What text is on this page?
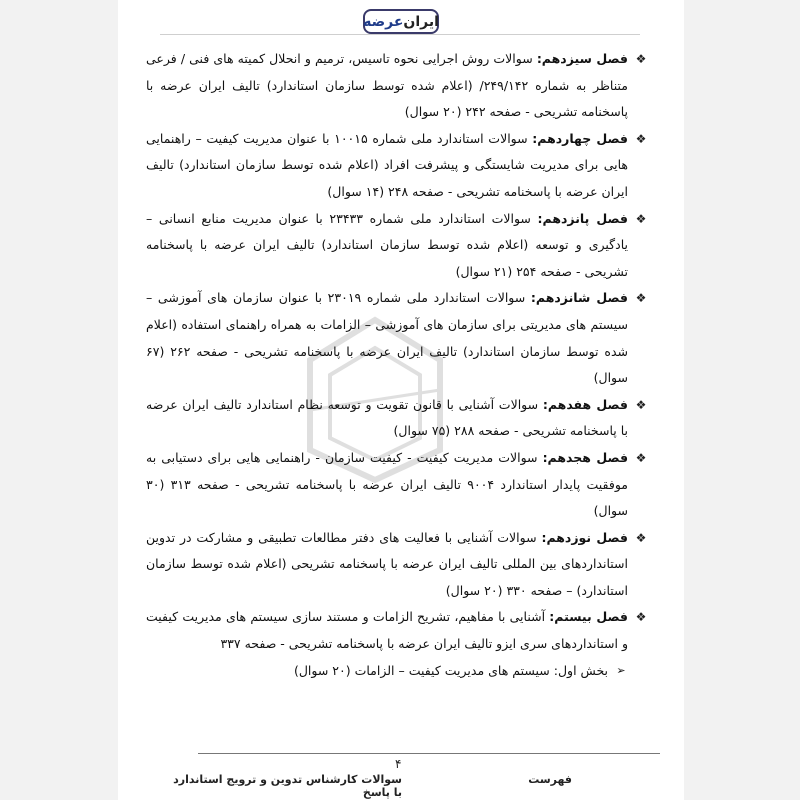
ایران
عرضه

❖
فصل سیزدهم: سوالات روش اجرایی نحوه تاسیس، ترمیم و انحلال کمیته های فنی / فرعی متناظر به شماره ۲۴۹/۱۴۲/ (اعلام شده توسط سازمان استاندارد) تالیف ایران عرضه با پاسخنامه تشریحی - صفحه ۲۴۲ (۲۰ سوال)

❖
فصل چهاردهم: سوالات استاندارد ملی شماره ۱۰۰۱۵ با عنوان مدیریت کیفیت – راهنمایی هایی برای مدیریت شایستگی و پیشرفت افراد (اعلام شده توسط سازمان استاندارد) تالیف ایران عرضه با پاسخنامه تشریحی - صفحه ۲۴۸ (۱۴ سوال)

❖
فصل پانزدهم: سوالات استاندارد ملی شماره ۲۳۴۳۳ با عنوان مدیریت منابع انسانی – یادگیری و توسعه (اعلام شده توسط سازمان استاندارد) تالیف ایران عرضه با پاسخنامه تشریحی - صفحه ۲۵۴ (۲۱ سوال)

❖
فصل شانزدهم: سوالات استاندارد ملی شماره ۲۳۰۱۹ با عنوان سازمان های آموزشی – سیستم های مدیریتی برای سازمان های آموزشی – الزامات به همراه راهنمای استفاده (اعلام شده توسط سازمان استاندارد) تالیف ایران عرضه با پاسخنامه تشریحی - صفحه ۲۶۲ (۶۷ سوال)

❖
فصل هفدهم: سوالات آشنایی با قانون تقویت و توسعه نظام استاندارد تالیف ایران عرضه با پاسخنامه تشریحی - صفحه ۲۸۸ (۷۵ سوال)

❖
فصل هجدهم: سوالات مدیریت کیفیت - کیفیت سازمان - راهنمایی هایی برای دستیابی به موفقیت پایدار استاندارد ۹۰۰۴ تالیف ایران عرضه با پاسخنامه تشریحی - صفحه ۳۱۳ (۳۰ سوال)

❖
فصل نوزدهم: سوالات آشنایی با فعالیت های دفتر مطالعات تطبیقی و مشارکت در تدوین استانداردهای بین المللی تالیف ایران عرضه با پاسخنامه تشریحی (اعلام شده توسط سازمان استاندارد) – صفحه ۳۳۰ (۲۰ سوال)

❖
فصل بیستم: آشنایی با مفاهیم، تشریح الزامات و مستند سازی سیستم های مدیریت کیفیت و استانداردهای سری ایزو تالیف ایران عرضه با پاسخنامه تشریحی - صفحه ۳۳۷

➢
بخش اول: سیستم های مدیریت کیفیت – الزامات (۲۰ سوال)

۴
فهرست
سوالات کارشناس تدوین و ترویج استاندارد با پاسخ
